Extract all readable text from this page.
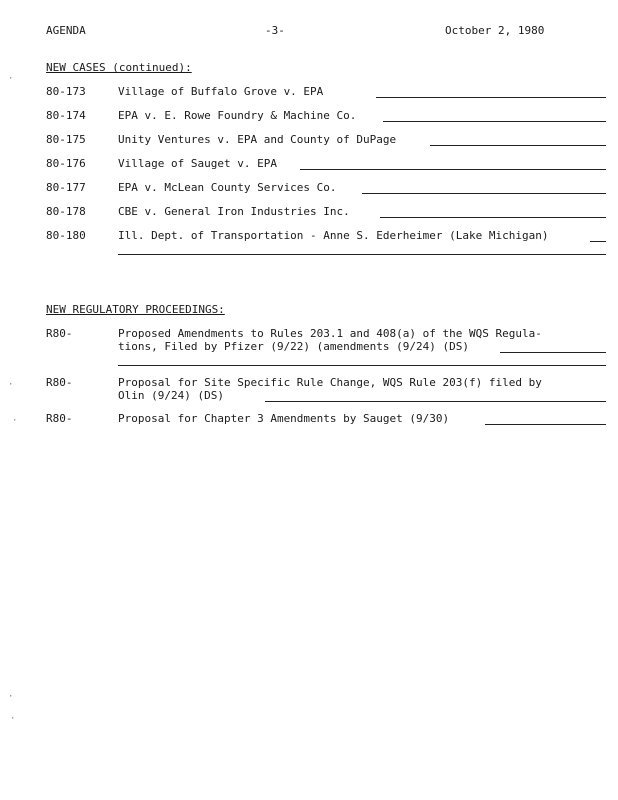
AGENDA	-3-	October 2, 1980
NEW CASES (continued):
80-173	Village of Buffalo Grove v. EPA
80-174	EPA v. E. Rowe Foundry & Machine Co.
80-175	Unity Ventures v. EPA and County of DuPage
80-176	Village of Sauget v. EPA
80-177	EPA v. McLean County Services Co.
80-178	CBE v. General Iron Industries Inc.
80-180	Ill. Dept. of Transportation - Anne S. Ederheimer (Lake Michigan)
NEW REGULATORY PROCEEDINGS:
R80-	Proposed Amendments to Rules 203.1 and 408(a) of the WQS Regula-
tions, Filed by Pfizer (9/22) (amendments (9/24) (DS)
R80-	Proposal for Site Specific Rule Change, WQS Rule 203(f) filed by
Olin (9/24) (DS)
R80-	Proposal for Chapter 3 Amendments by Sauget (9/30)
·
·
·
·
·
